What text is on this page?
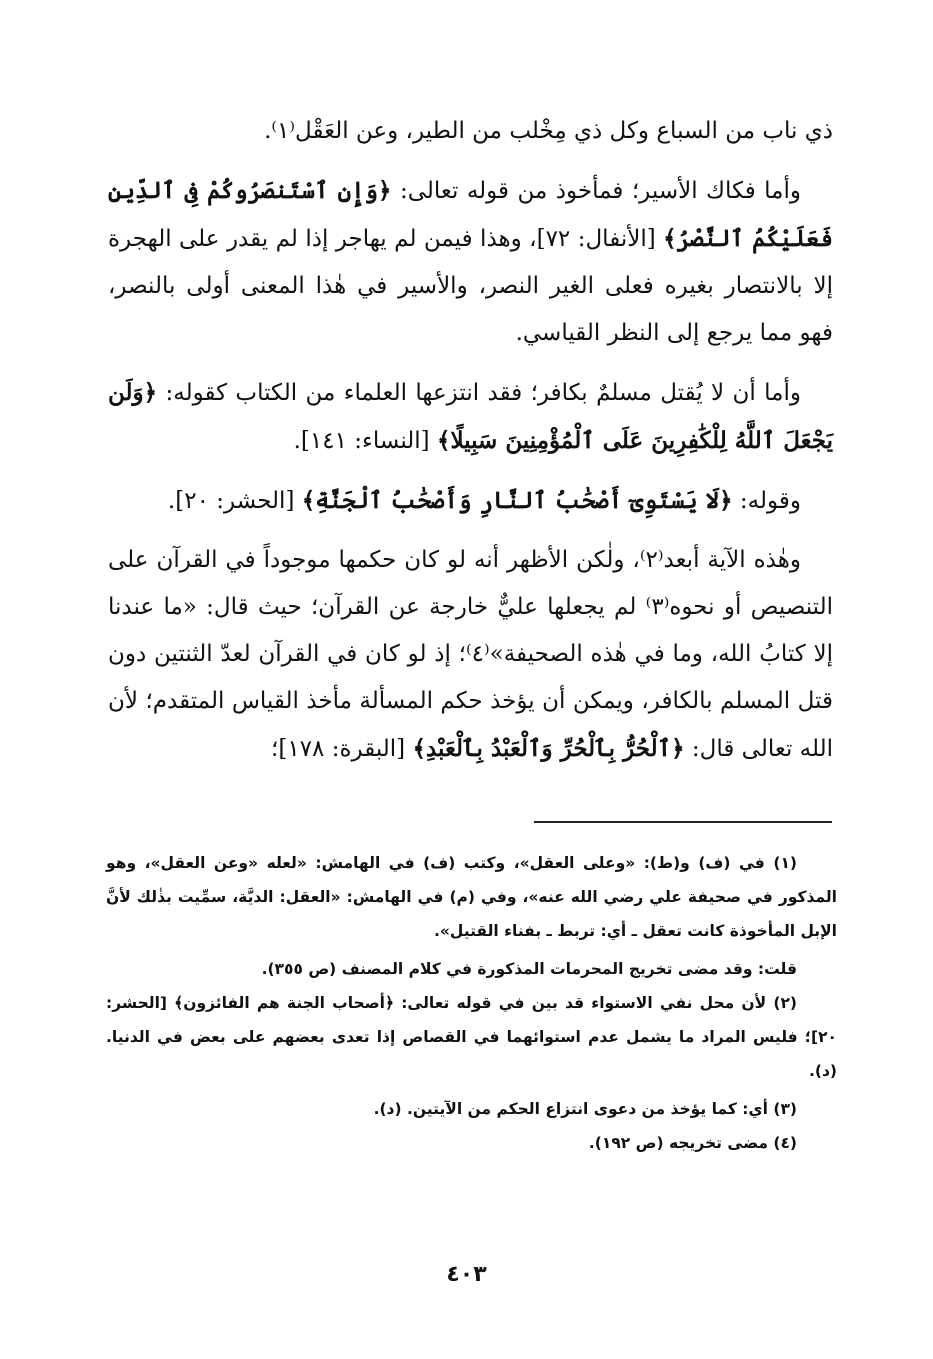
ذي ناب من السباع وكل ذي مِخْلب من الطير، وعن العَقْل⁽١⁾.

وأما فكاك الأسير؛ فمأخوذ من قوله تعالى: ﴿وَإِنِ ٱسْتَنصَرُوكُمْ فِى ٱلدِّينِ فَعَلَيْكُمُ ٱلنَّصْرُ﴾ [الأنفال: ٧٢]، وهذا فيمن لم يهاجر إذا لم يقدر على الهجرة إلا بالانتصار بغيره فعلى الغير النصر، والأسير في هٰذا المعنى أولى بالنصر، فهو مما يرجع إلى النظر القياسي.

وأما أن لا يُقتل مسلمٌ بكافر؛ فقد انتزعها العلماء من الكتاب كقوله: ﴿وَلَن يَجْعَلَ ٱللَّهُ لِلْكَٰفِرِينَ عَلَى ٱلْمُؤْمِنِينَ سَبِيلًا﴾ [النساء: ١٤١].

وقوله: ﴿لَا يَسْتَوِىٓ أَصْحَٰبُ ٱلنَّارِ وَأَصْحَٰبُ ٱلْجَنَّةِ﴾ [الحشر: ٢٠].

وهٰذه الآية أبعد⁽٢⁾، ولٰكن الأظهر أنه لو كان حكمها موجوداً في القرآن على التنصيص أو نحوه⁽٣⁾ لم يجعلها عليٌّ خارجة عن القرآن؛ حيث قال: «ما عندنا إلا كتابُ الله، وما في هٰذه الصحيفة»⁽٤⁾؛ إذ لو كان في القرآن لعدّ الثنتين دون قتل المسلم بالكافر، ويمكن أن يؤخذ حكم المسألة مأخذ القياس المتقدم؛ لأن الله تعالى قال: ﴿ٱلْحُرُّ بِٱلْحُرِّ وَٱلْعَبْدُ بِٱلْعَبْدِ﴾ [البقرة: ١٧٨]؛

(١) في (ف) و(ط): «وعلى العقل»، وكتب (ف) في الهامش: «لعله «وعن العقل»، وهو المذكور في صحيفة علي رضي الله عنه»، وفي (م) في الهامش: «العقل: الديَّة، سمِّيت بذٰلك لأنَّ الإبل المأخوذة كانت تعقل ـ أي: تربط ـ بفناء القتيل».

قلت: وقد مضى تخريج المحرمات المذكورة في كلام المصنف (ص ٣٥٥).

(٢) لأن محل نفي الاستواء قد بين في قوله تعالى: ﴿أصحاب الجنة هم الفائزون﴾ [الحشر: ٢٠]؛ فليس المراد ما يشمل عدم استوائهما في القصاص إذا تعدى بعضهم على بعض في الدنيا. (د).

(٣) أي: كما يؤخذ من دعوى انتزاع الحكم من الآيتين. (د).

(٤) مضى تخريجه (ص ١٩٢).

٤٠٣
